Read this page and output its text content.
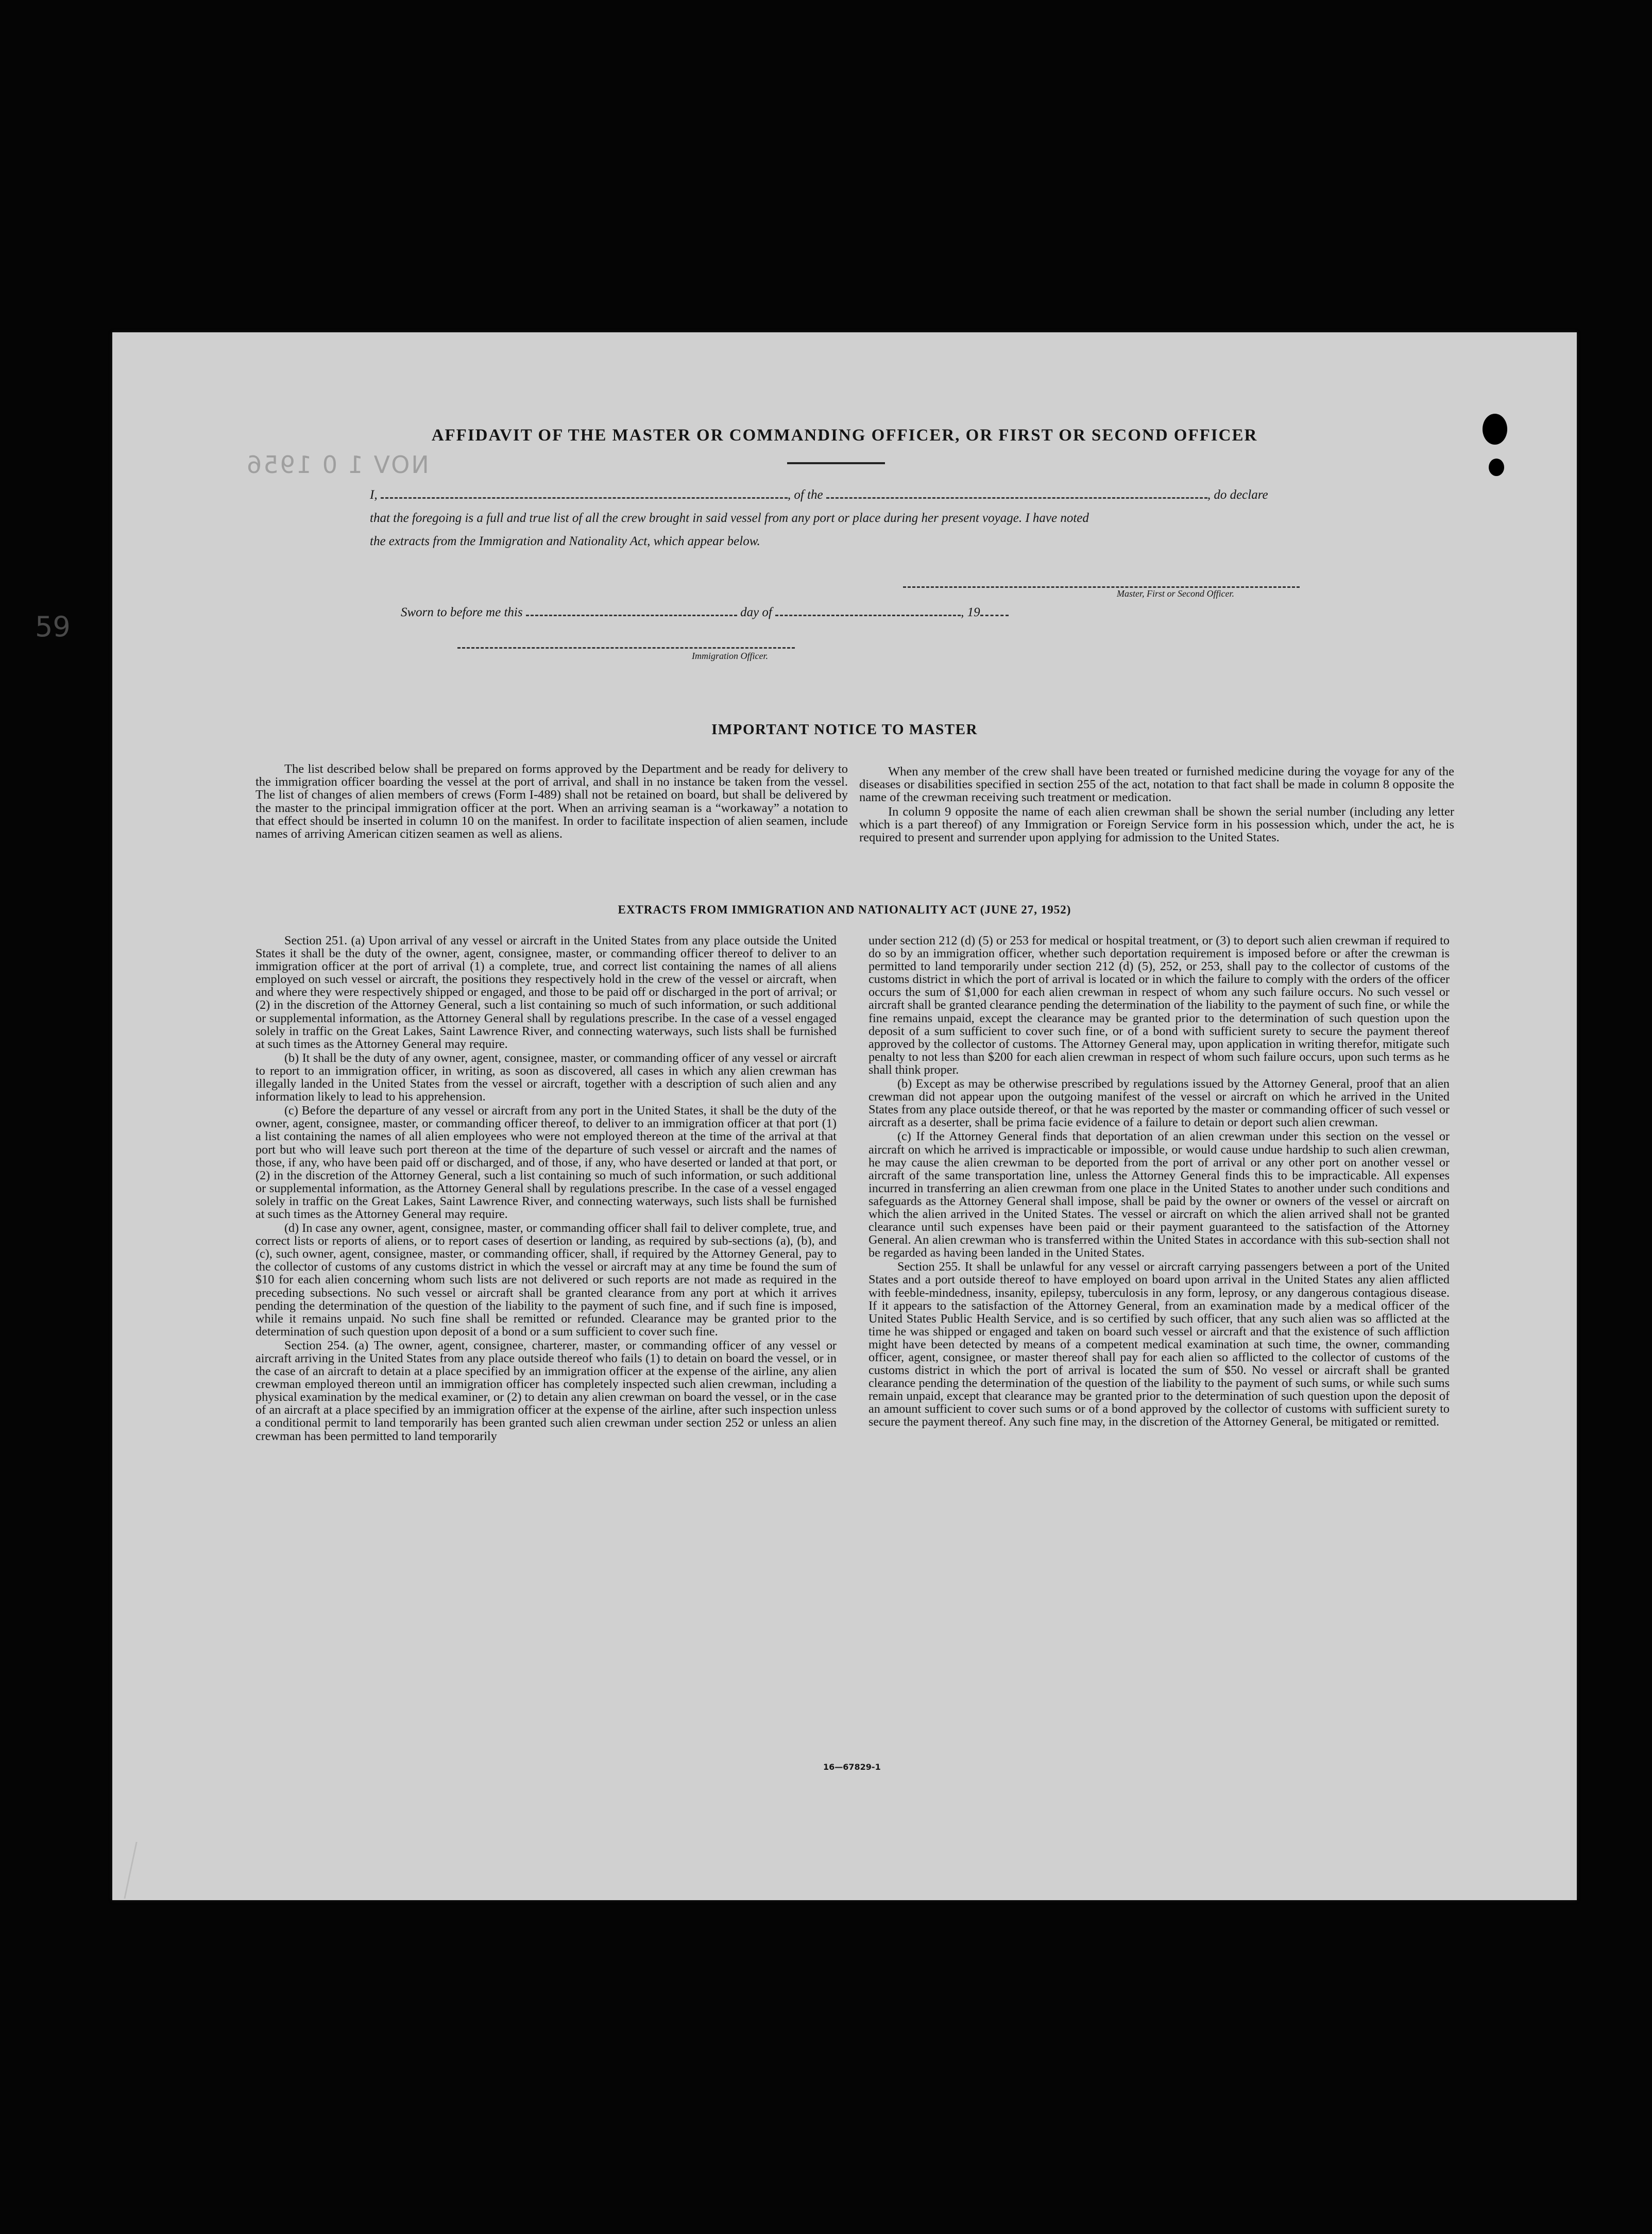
NOV 1 0 1956
59
AFFIDAVIT OF THE MASTER OR COMMANDING OFFICER, OR FIRST OR SECOND OFFICER
I,	, of the	, do declare
that the foregoing is a full and true list of all the crew brought in said vessel from any port or place during her present voyage. I have noted
the extracts from the Immigration and Nationality Act, which appear below.
Master, First or Second Officer.
Sworn to before me this	day of	, 19
Immigration Officer.
IMPORTANT NOTICE TO MASTER

The list described below shall be prepared on forms approved by the Department and be ready for delivery to the immigration officer boarding the vessel at the port of arrival, and shall in no instance be taken from the vessel. The list of changes of alien members of crews (Form I-489) shall not be retained on board, but shall be delivered by the master to the principal immigration officer at the port. When an arriving seaman is a “workaway” a notation to that effect should be inserted in column 10 on the manifest. In order to facilitate inspection of alien seamen, include names of arriving American citizen seamen as well as aliens.

When any member of the crew shall have been treated or furnished medicine during the voyage for any of the diseases or disabilities specified in section 255 of the act, notation to that fact shall be made in column 8 opposite the name of the crewman receiving such treatment or medication.

In column 9 opposite the name of each alien crewman shall be shown the serial number (including any letter which is a part thereof) of any Immigration or Foreign Service form in his possession which, under the act, he is required to present and surrender upon applying for admission to the United States.

EXTRACTS FROM IMMIGRATION AND NATIONALITY ACT (JUNE 27, 1952)

Section 251. (a) Upon arrival of any vessel or aircraft in the United States from any place outside the United States it shall be the duty of the owner, agent, consignee, master, or commanding officer thereof to deliver to an immigration officer at the port of arrival (1) a complete, true, and correct list containing the names of all aliens employed on such vessel or aircraft, the positions they respectively hold in the crew of the vessel or aircraft, when and where they were respectively shipped or engaged, and those to be paid off or discharged in the port of arrival; or (2) in the discretion of the Attorney General, such a list containing so much of such information, or such additional or supplemental information, as the Attorney General shall by regulations prescribe. In the case of a vessel engaged solely in traffic on the Great Lakes, Saint Lawrence River, and connecting waterways, such lists shall be furnished at such times as the Attorney General may require.

(b) It shall be the duty of any owner, agent, consignee, master, or commanding officer of any vessel or aircraft to report to an immigration officer, in writing, as soon as discovered, all cases in which any alien crewman has illegally landed in the United States from the vessel or aircraft, together with a description of such alien and any information likely to lead to his apprehension.

(c) Before the departure of any vessel or aircraft from any port in the United States, it shall be the duty of the owner, agent, consignee, master, or commanding officer thereof, to deliver to an immigration officer at that port (1) a list containing the names of all alien employees who were not employed thereon at the time of the arrival at that port but who will leave such port thereon at the time of the departure of such vessel or aircraft and the names of those, if any, who have been paid off or discharged, and of those, if any, who have deserted or landed at that port, or (2) in the discretion of the Attorney General, such a list containing so much of such information, or such additional or supplemental information, as the Attorney General shall by regulations prescribe. In the case of a vessel engaged solely in traffic on the Great Lakes, Saint Lawrence River, and connecting waterways, such lists shall be furnished at such times as the Attorney General may require.

(d) In case any owner, agent, consignee, master, or commanding officer shall fail to deliver complete, true, and correct lists or reports of aliens, or to report cases of desertion or landing, as required by sub-sections (a), (b), and (c), such owner, agent, consignee, master, or commanding officer, shall, if required by the Attorney General, pay to the collector of customs of any customs district in which the vessel or aircraft may at any time be found the sum of $10 for each alien concerning whom such lists are not delivered or such reports are not made as required in the preceding subsections. No such vessel or aircraft shall be granted clearance from any port at which it arrives pending the determination of the question of the liability to the payment of such fine, and if such fine is imposed, while it remains unpaid. No such fine shall be remitted or refunded. Clearance may be granted prior to the determination of such question upon deposit of a bond or a sum sufficient to cover such fine.

Section 254. (a) The owner, agent, consignee, charterer, master, or commanding officer of any vessel or aircraft arriving in the United States from any place outside thereof who fails (1) to detain on board the vessel, or in the case of an aircraft to detain at a place specified by an immigration officer at the expense of the airline, any alien crewman employed thereon until an immigration officer has completely inspected such alien crewman, including a physical examination by the medical examiner, or (2) to detain any alien crewman on board the vessel, or in the case of an aircraft at a place specified by an immigration officer at the expense of the airline, after such inspection unless a conditional permit to land temporarily has been granted such alien crewman under section 252 or unless an alien crewman has been permitted to land temporarily

under section 212 (d) (5) or 253 for medical or hospital treatment, or (3) to deport such alien crewman if required to do so by an immigration officer, whether such deportation requirement is imposed before or after the crewman is permitted to land temporarily under section 212 (d) (5), 252, or 253, shall pay to the collector of customs of the customs district in which the port of arrival is located or in which the failure to comply with the orders of the officer occurs the sum of $1,000 for each alien crewman in respect of whom any such failure occurs. No such vessel or aircraft shall be granted clearance pending the determination of the liability to the payment of such fine, or while the fine remains unpaid, except the clearance may be granted prior to the determination of such question upon the deposit of a sum sufficient to cover such fine, or of a bond with sufficient surety to secure the payment thereof approved by the collector of customs. The Attorney General may, upon application in writing therefor, mitigate such penalty to not less than $200 for each alien crewman in respect of whom such failure occurs, upon such terms as he shall think proper.

(b) Except as may be otherwise prescribed by regulations issued by the Attorney General, proof that an alien crewman did not appear upon the outgoing manifest of the vessel or aircraft on which he arrived in the United States from any place outside thereof, or that he was reported by the master or commanding officer of such vessel or aircraft as a deserter, shall be prima facie evidence of a failure to detain or deport such alien crewman.

(c) If the Attorney General finds that deportation of an alien crewman under this section on the vessel or aircraft on which he arrived is impracticable or impossible, or would cause undue hardship to such alien crewman, he may cause the alien crewman to be deported from the port of arrival or any other port on another vessel or aircraft of the same transportation line, unless the Attorney General finds this to be impracticable. All expenses incurred in transferring an alien crewman from one place in the United States to another under such conditions and safeguards as the Attorney General shall impose, shall be paid by the owner or owners of the vessel or aircraft on which the alien arrived in the United States. The vessel or aircraft on which the alien arrived shall not be granted clearance until such expenses have been paid or their payment guaranteed to the satisfaction of the Attorney General. An alien crewman who is transferred within the United States in accordance with this sub-section shall not be regarded as having been landed in the United States.

Section 255. It shall be unlawful for any vessel or aircraft carrying passengers between a port of the United States and a port outside thereof to have employed on board upon arrival in the United States any alien afflicted with feeble-mindedness, insanity, epilepsy, tuberculosis in any form, leprosy, or any dangerous contagious disease. If it appears to the satisfaction of the Attorney General, from an examination made by a medical officer of the United States Public Health Service, and is so certified by such officer, that any such alien was so afflicted at the time he was shipped or engaged and taken on board such vessel or aircraft and that the existence of such affliction might have been detected by means of a competent medical examination at such time, the owner, commanding officer, agent, consignee, or master thereof shall pay for each alien so afflicted to the collector of customs of the customs district in which the port of arrival is located the sum of $50. No vessel or aircraft shall be granted clearance pending the determination of the question of the liability to the payment of such sums, or while such sums remain unpaid, except that clearance may be granted prior to the determination of such question upon the deposit of an amount sufficient to cover such sums or of a bond approved by the collector of customs with sufficient surety to secure the payment thereof. Any such fine may, in the discretion of the Attorney General, be mitigated or remitted.

16—67829-1
